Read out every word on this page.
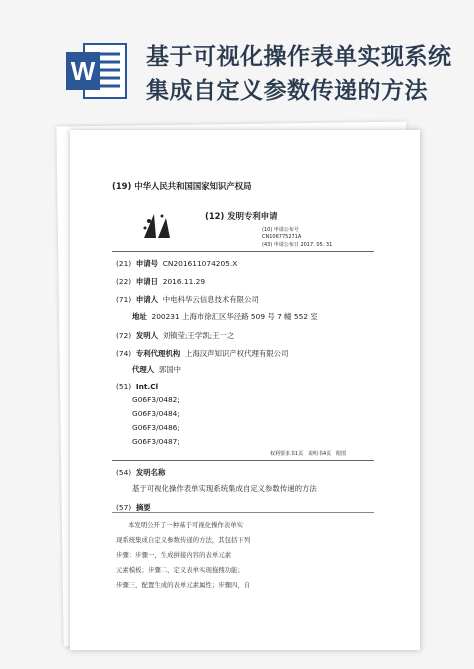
W 基于可视化操作表单实现系统
集成自定义参数传递的方法
(19) 中华人民共和国国家知识产权局
(12) 发明专利申请
(10) 申请公布号
CN106775271A
(43) 申请公布日 2017. 05. 31
(21) 申请号 CN201611074205.X
(22) 申请日 2016.11.29
(71) 申请人 中电科华云信息技术有限公司
地址 200231 上海市徐汇区华泾路 509 号 7 幢 552 室
(72) 发明人 刘镇莹;王学凯;王一之
(74) 专利代理机构 上海汉声知识产权代理有限公司
代理人 郭国中
(51) Int.Cl
G06F3/0482;
G06F3/0484;
G06F3/0486;
G06F3/0487;
权利要求书1页 说明书4页 附图
(54) 发明名称
基于可视化操作表单实现系统集成自定义参数传递的方法
(57) 摘要
本发明公开了一种基于可视化操作表单实
现系统集成自定义参数传递的方法，其包括下列
步骤：步骤一，生成拼接内容的表单元素
元素模板；步骤二，定义表单实现拖拽功能；
步骤三，配置生成的表单元素属性；步骤四，自
